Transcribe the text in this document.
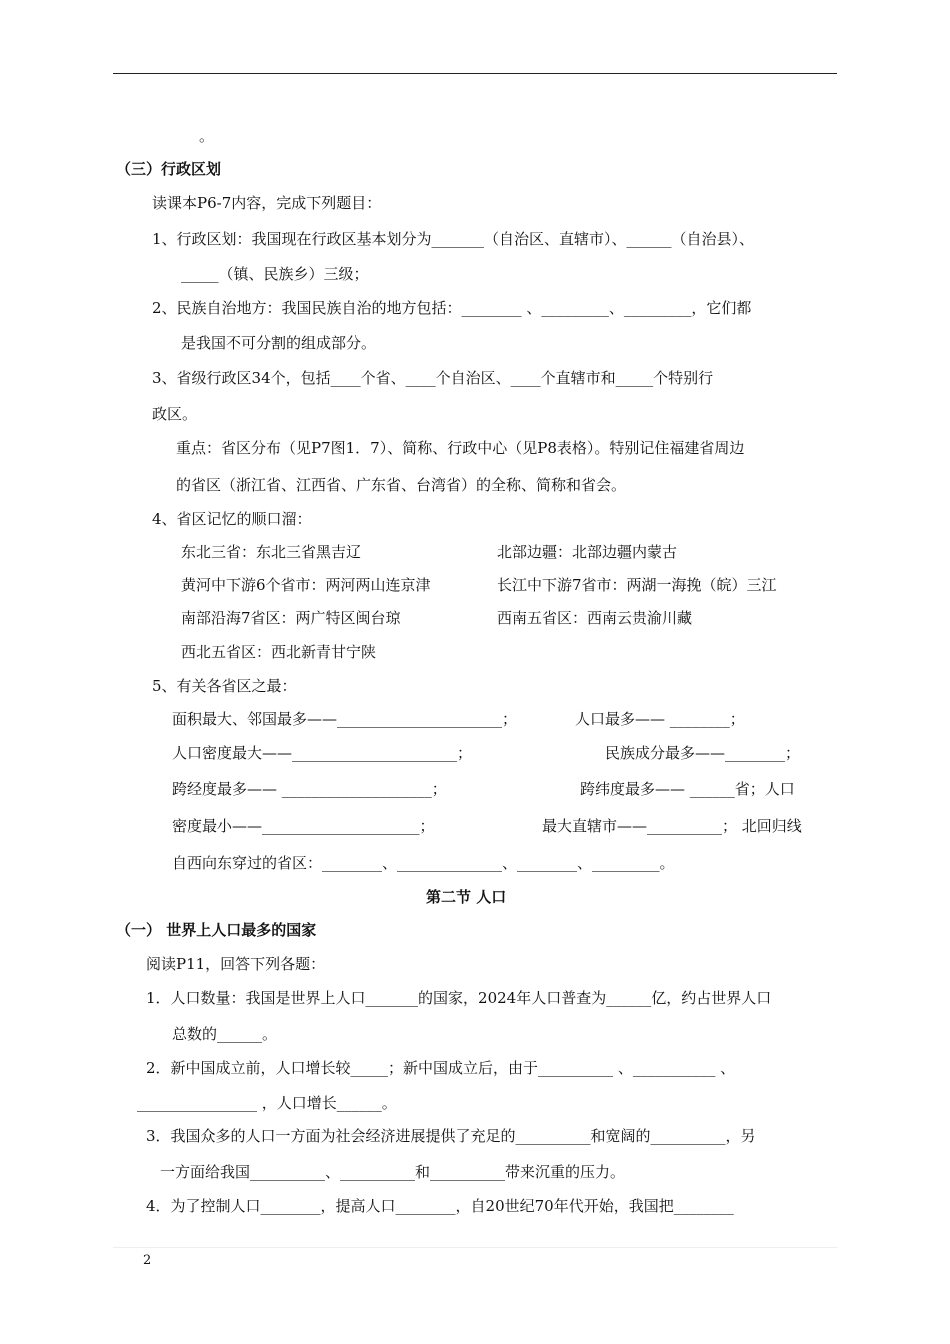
。
（三）行政区划
读课本P6-7内容，完成下列题目：
1、行政区划：我国现在行政区基本划分为_______（自治区、直辖市）、______（自治县）、
_____（镇、民族乡）三级；
2、民族自治地方：我国民族自治的地方包括：________ 、_________、_________，它们都
是我国不可分割的组成部分。
3、省级行政区34个，包括____个省、____个自治区、____个直辖市和_____个特别行
政区。
重点：省区分布（见P7图1．7）、简称、行政中心（见P8表格）。特别记住福建省周边
的省区（浙江省、江西省、广东省、台湾省）的全称、简称和省会。
4、省区记忆的顺口溜：
东北三省：东北三省黑吉辽	北部边疆：北部边疆内蒙古
黄河中下游6个省市：两河两山连京津	长江中下游7省市：两湖一海挽（皖）三江
南部沿海7省区：两广特区闽台琼	西南五省区：西南云贵渝川藏
西北五省区：西北新青甘宁陕
5、有关各省区之最：
面积最大、邻国最多——______________________；	人口最多—— ________；
人口密度最大——______________________；	民族成分最多——________；
跨经度最多—— ____________________；	跨纬度最多—— ______省；人口
密度最小——_____________________；	最大直辖市——__________； 北回归线
自西向东穿过的省区：________、______________、________、_________。
第二节 人口
（一） 世界上人口最多的国家
阅读P11，回答下列各题：
1．人口数量：我国是世界上人口_______的国家，2024年人口普查为______亿，约占世界人口
总数的______。
2．新中国成立前，人口增长较_____；新中国成立后，由于__________ 、___________ 、
________________ ，人口增长______。
3．我国众多的人口一方面为社会经济进展提供了充足的__________和宽阔的__________，另
一方面给我国__________、__________和__________带来沉重的压力。
4．为了控制人口________，提高人口________，自20世纪70年代开始，我国把________
2
